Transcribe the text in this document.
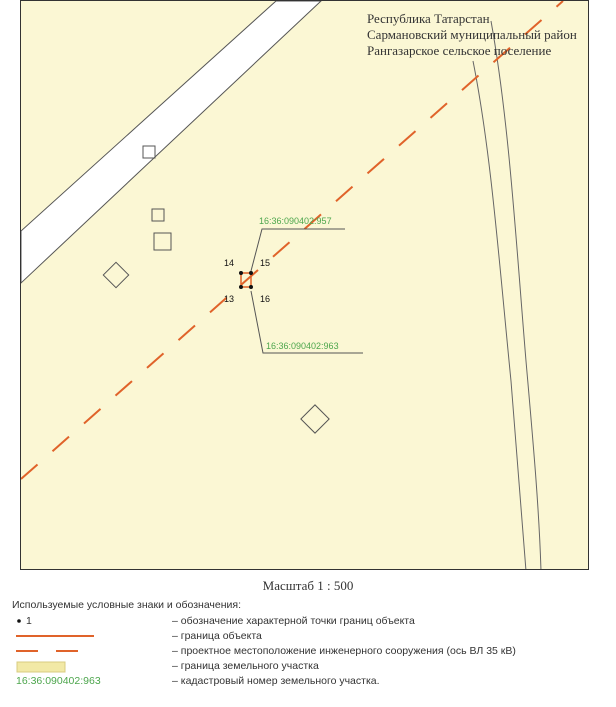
14	15
13	16
16:36:090402:957
16:36:090402:963
Республика Татарстан
Сармановский муниципальный район
Рангазарское сельское поселение
Масштаб 1 : 500
Используемые условные знаки и обозначения:
1	– обозначение характерной точки границ объекта
– граница объекта
– проектное местоположение инженерного сооружения (ось ВЛ 35 кВ)
– граница земельного участка
16:36:090402:963	– кадастровый номер земельного участка.
